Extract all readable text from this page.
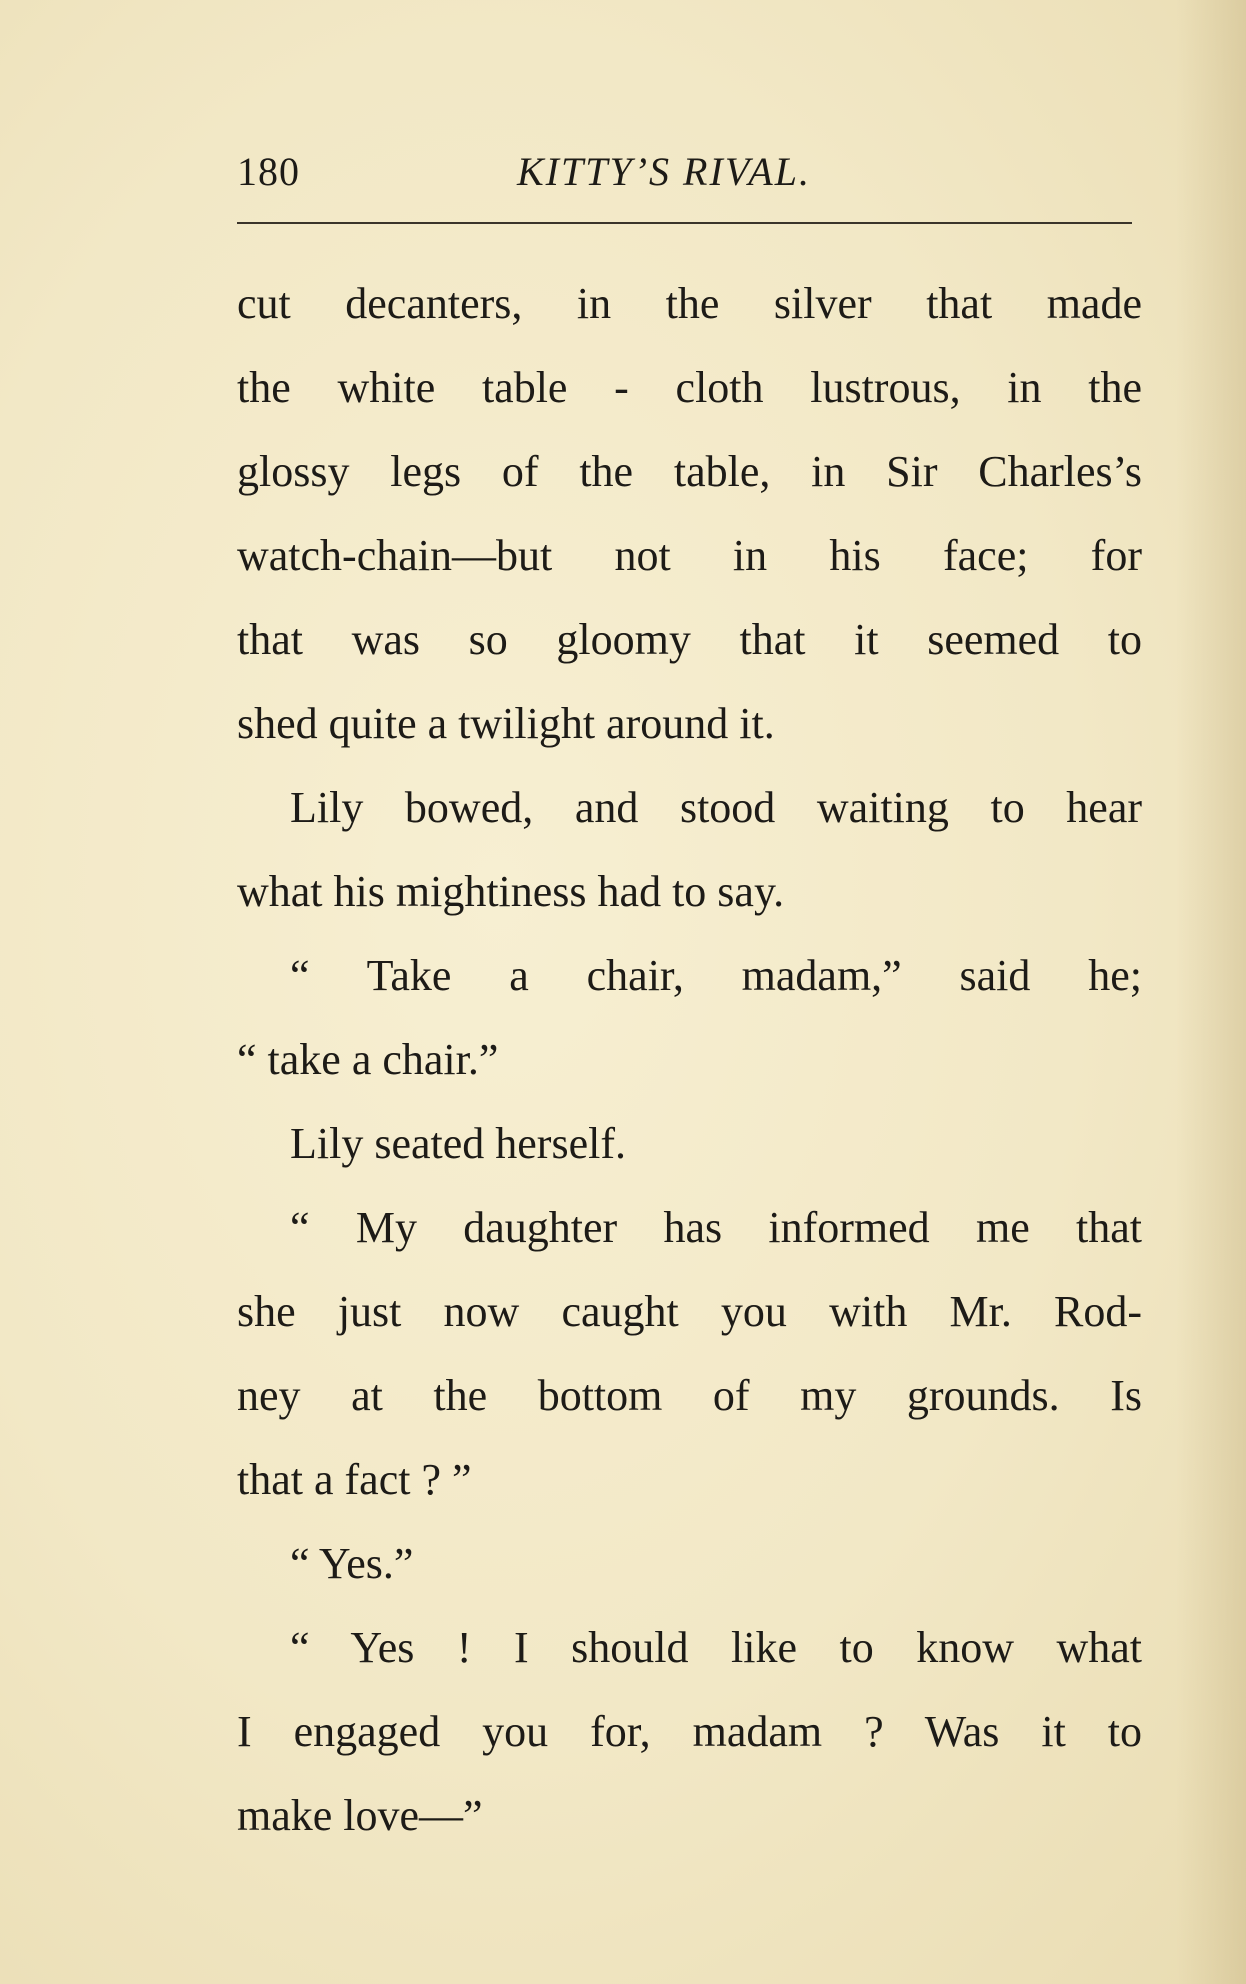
180	KITTY’S RIVAL.
cut decanters, in the silver that made
the white table - cloth lustrous, in the
glossy legs of the table, in Sir Charles’s
watch-chain—but not in his face; for
that was so gloomy that it seemed to
shed quite a twilight around it.
Lily bowed, and stood waiting to hear
what his mightiness had to say.
“ Take a chair, madam,” said he;
“ take a chair.”
Lily seated herself.
“ My daughter has informed me that
she just now caught you with Mr. Rod-
ney at the bottom of my grounds. Is
that a fact ? ”
“ Yes.”
“ Yes ! I should like to know what
I engaged you for, madam ? Was it to
make love—”
